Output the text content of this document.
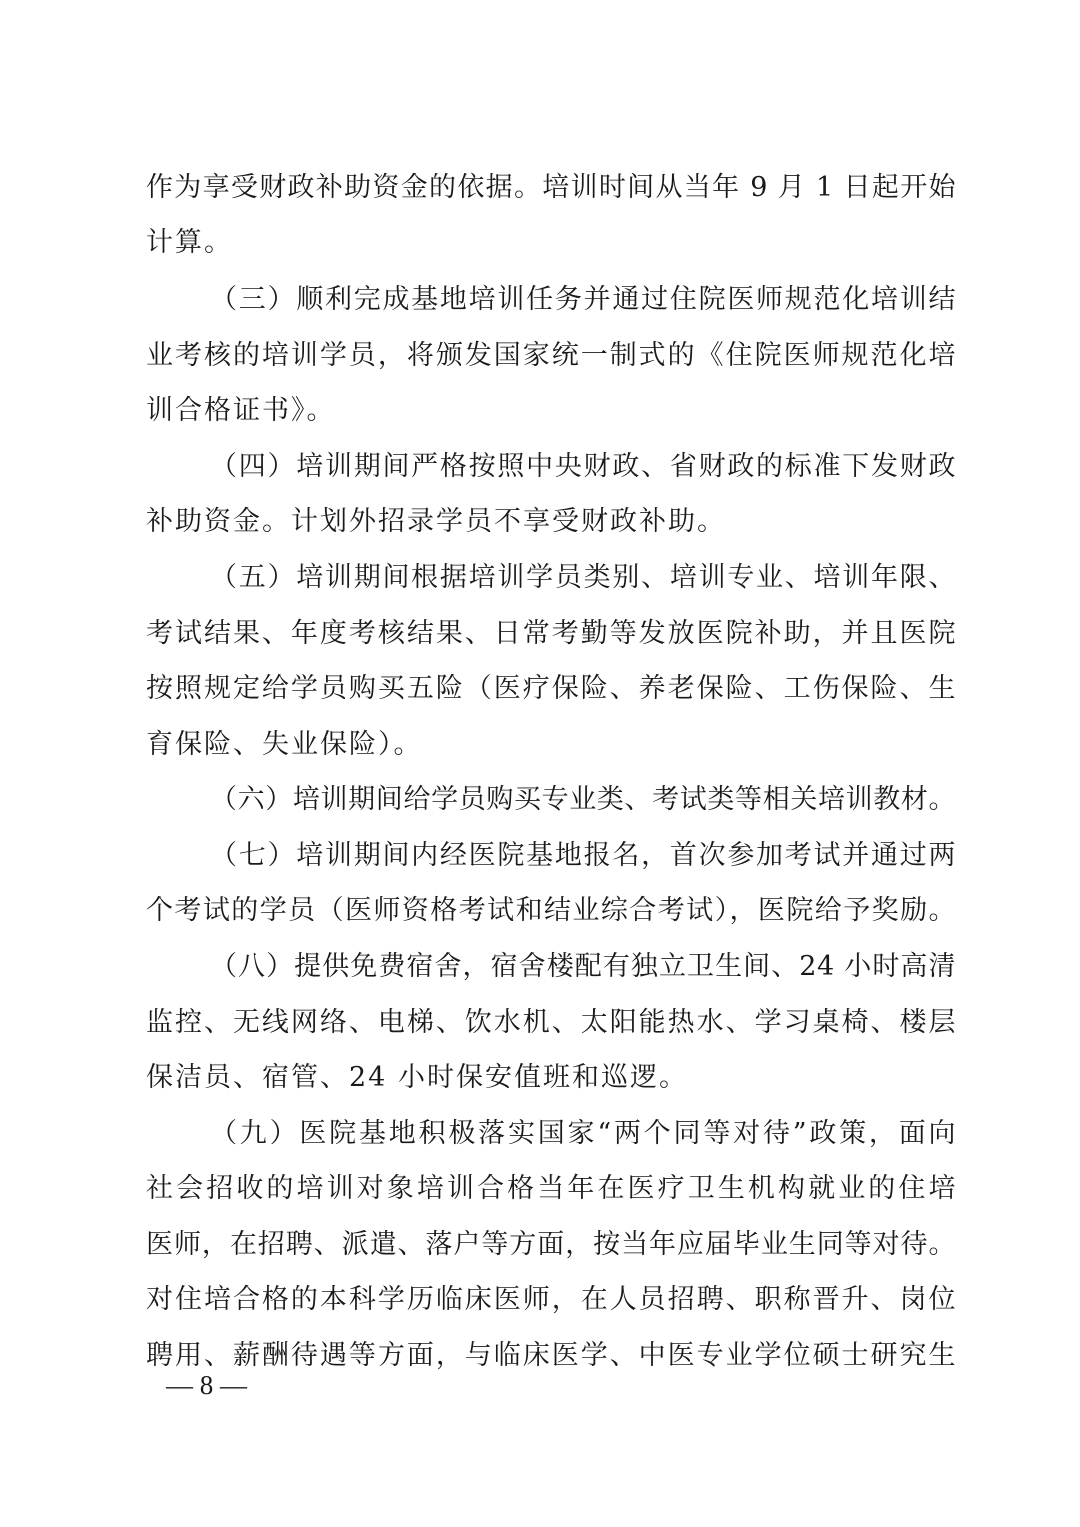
作为享受财政补助资金的依据。培训时间从当年 9 月 1 日起开始
计算。
（三）顺利完成基地培训任务并通过住院医师规范化培训结
业考核的培训学员，将颁发国家统一制式的《住院医师规范化培
训合格证书》。
（四）培训期间严格按照中央财政、省财政的标准下发财政
补助资金。计划外招录学员不享受财政补助。
（五）培训期间根据培训学员类别、培训专业、培训年限、
考试结果、年度考核结果、日常考勤等发放医院补助，并且医院
按照规定给学员购买五险（医疗保险、养老保险、工伤保险、生
育保险、失业保险）。
（六）培训期间给学员购买专业类、考试类等相关培训教材。
（七）培训期间内经医院基地报名，首次参加考试并通过两
个考试的学员（医师资格考试和结业综合考试），医院给予奖励。
（八）提供免费宿舍，宿舍楼配有独立卫生间、24 小时高清
监控、无线网络、电梯、饮水机、太阳能热水、学习桌椅、楼层
保洁员、宿管、24 小时保安值班和巡逻。
（九）医院基地积极落实国家“两个同等对待”政策，面向
社会招收的培训对象培训合格当年在医疗卫生机构就业的住培
医师，在招聘、派遣、落户等方面，按当年应届毕业生同等对待。
对住培合格的本科学历临床医师，在人员招聘、职称晋升、岗位
聘用、薪酬待遇等方面，与临床医学、中医专业学位硕士研究生
— 8 —
